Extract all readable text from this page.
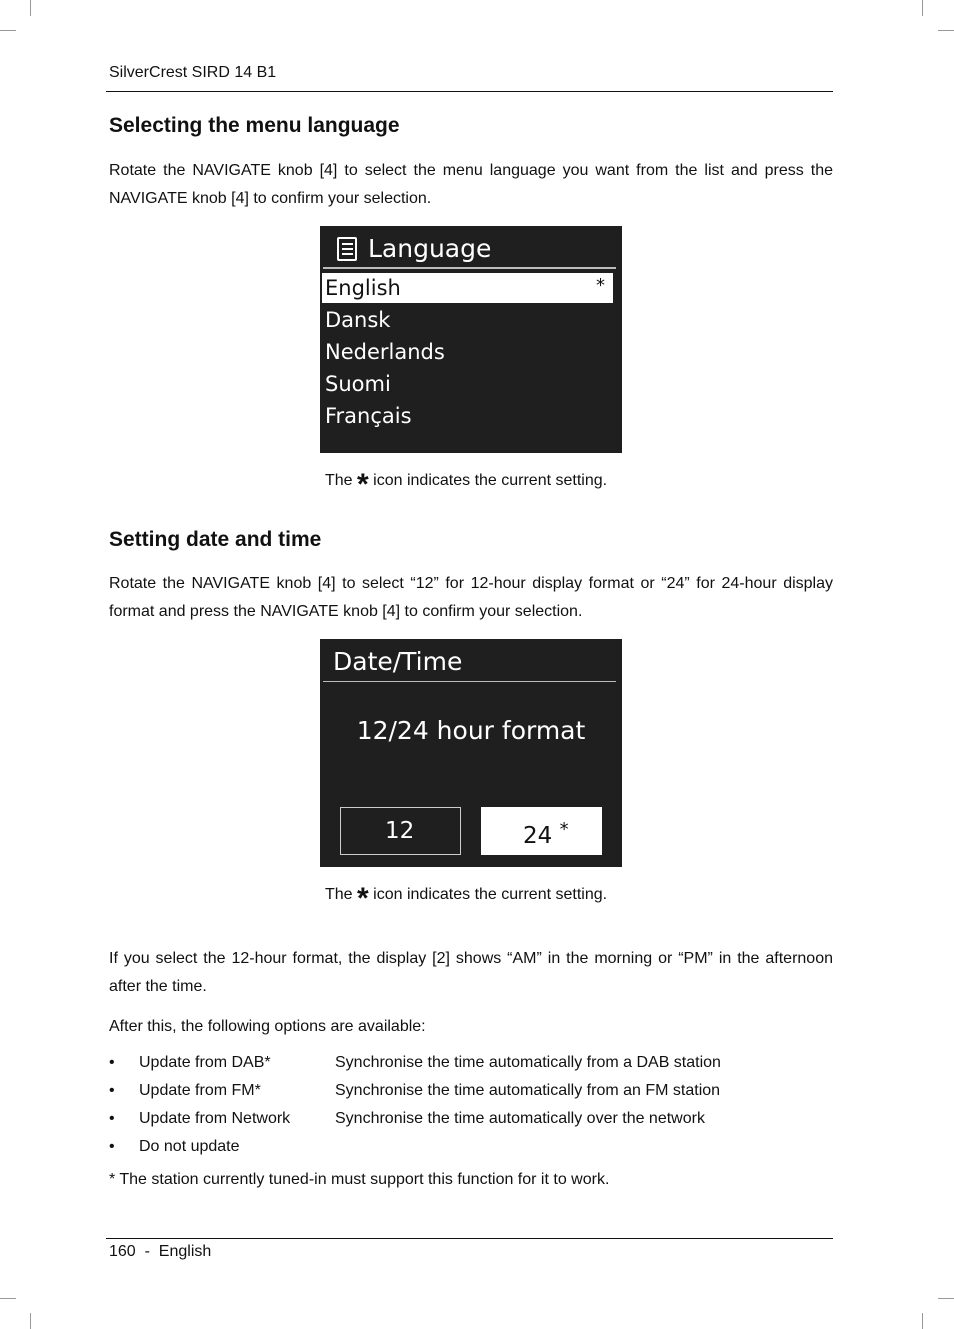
SilverCrest SIRD 14 B1
Selecting the menu language

Rotate the NAVIGATE knob [4] to select the menu language you want from the list and press the NAVIGATE knob [4] to confirm your selection.

Language
English	*
Dansk
Nederlands
Suomi
Français
The * icon indicates the current setting.
Setting date and time

Rotate the NAVIGATE knob [4] to select “12” for 12-hour display format or “24” for 24-hour display format and press the NAVIGATE knob [4] to confirm your selection.

Date/Time
12/24 hour format
12	24 *
The * icon indicates the current setting.

If you select the 12-hour format, the display [2] shows “AM” in the morning or “PM” in the afternoon after the time.

After this, the following options are available:

• Update from DAB*	Synchronise the time automatically from a DAB station
• Update from FM*	Synchronise the time automatically from an FM station
• Update from Network	Synchronise the time automatically over the network
• Do not update
* The station currently tuned-in must support this function for it to work.
160  -  English
